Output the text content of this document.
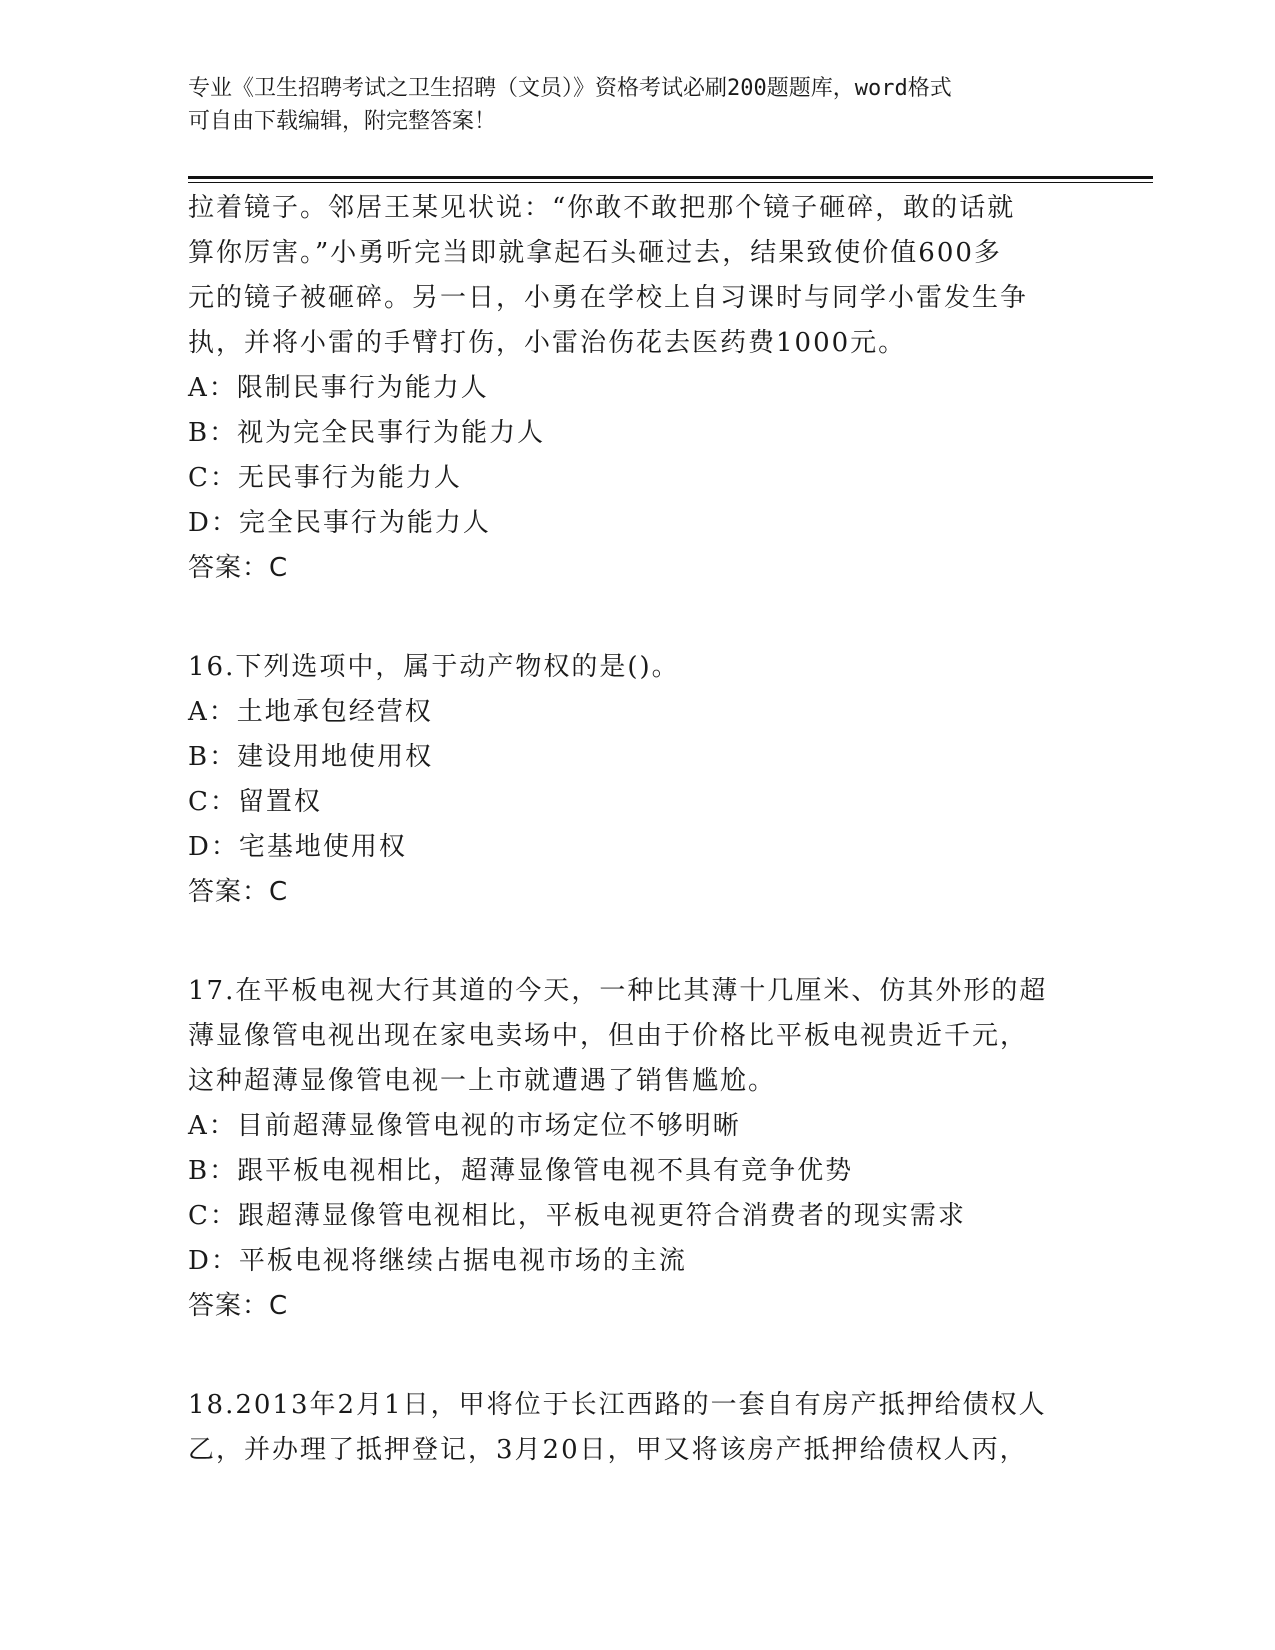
专业《卫生招聘考试之卫生招聘（文员）》资格考试必刷200题题库，word格式
可自由下载编辑，附完整答案！
拉着镜子。邻居王某见状说：“你敢不敢把那个镜子砸碎，敢的话就
算你厉害。”小勇听完当即就拿起石头砸过去，结果致使价值600多
元的镜子被砸碎。另一日，小勇在学校上自习课时与同学小雷发生争
执，并将小雷的手臂打伤，小雷治伤花去医药费1000元。
A：限制民事行为能力人
B：视为完全民事行为能力人
C：无民事行为能力人
D：完全民事行为能力人
答案：C
16.下列选项中，属于动产物权的是()。
A：土地承包经营权
B：建设用地使用权
C：留置权
D：宅基地使用权
答案：C
17.在平板电视大行其道的今天，一种比其薄十几厘米、仿其外形的超
薄显像管电视出现在家电卖场中，但由于价格比平板电视贵近千元，
这种超薄显像管电视一上市就遭遇了销售尴尬。
A：目前超薄显像管电视的市场定位不够明晰
B：跟平板电视相比，超薄显像管电视不具有竞争优势
C：跟超薄显像管电视相比，平板电视更符合消费者的现实需求
D：平板电视将继续占据电视市场的主流
答案：C
18.2013年2月1日，甲将位于长江西路的一套自有房产抵押给债权人
乙，并办理了抵押登记，3月20日，甲又将该房产抵押给债权人丙，
